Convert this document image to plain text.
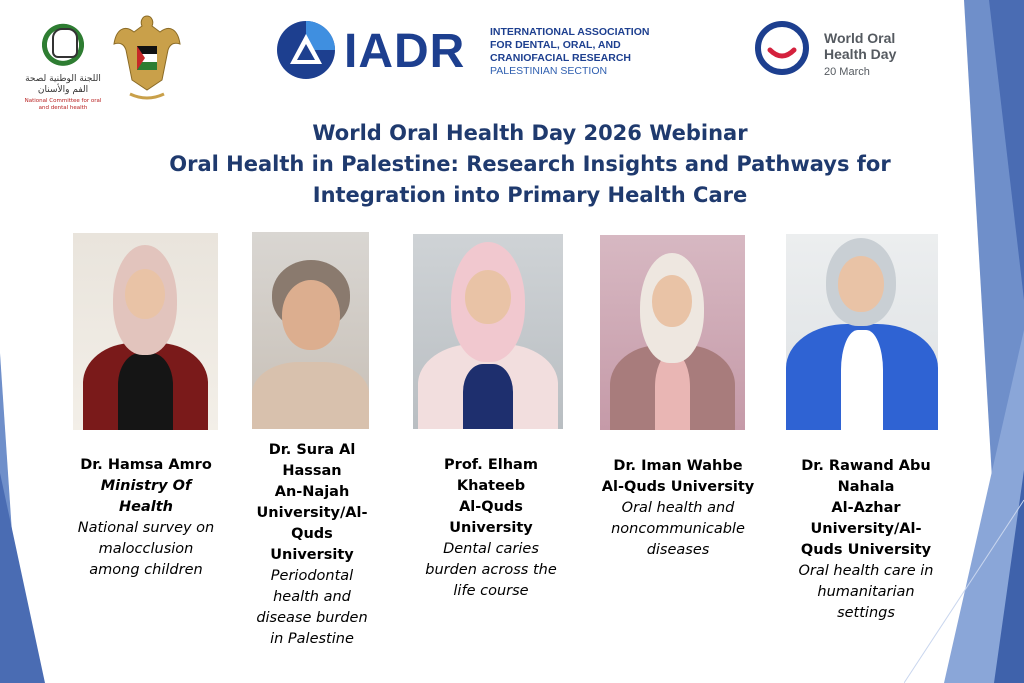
اللجنة الوطنية لصحة الفم والأسنان
National Committee for oral and dental health
IADR INTERNATIONAL ASSOCIATION
FOR DENTAL, ORAL, AND
CRANIOFACIAL RESEARCH
PALESTINIAN SECTION
World Oral
Health Day
20 March
World Oral Health Day 2026 Webinar
Oral Health in Palestine: Research Insights and Pathways for
Integration into Primary Health Care
Dr. Hamsa Amro
Ministry Of Health
National survey on malocclusion among children
Dr. Sura Al Hassan
An-Najah University/Al-Quds University
Periodontal health and disease burden in Palestine
Prof. Elham Khateeb
Al-Quds University
Dental caries burden across the life course
Dr. Iman Wahbe
Al-Quds University
Oral health and noncommunicable diseases
Dr. Rawand Abu Nahala
Al-Azhar University/Al-Quds University
Oral health care in humanitarian settings
